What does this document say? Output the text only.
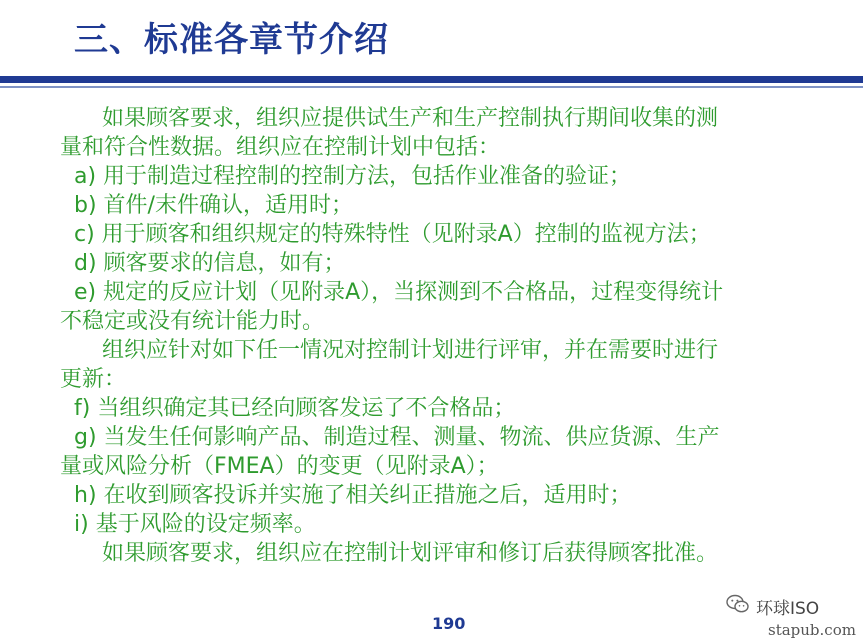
三、标准各章节介绍
如果顾客要求，组织应提供试生产和生产控制执行期间收集的测
量和符合性数据。组织应在控制计划中包括：
a) 用于制造过程控制的控制方法，包括作业准备的验证；
b) 首件/末件确认，适用时；
c) 用于顾客和组织规定的特殊特性（见附录A）控制的监视方法；
d) 顾客要求的信息，如有；
e) 规定的反应计划（见附录A），当探测到不合格品，过程变得统计
不稳定或没有统计能力时。
组织应针对如下任一情况对控制计划进行评审，并在需要时进行
更新：
f) 当组织确定其已经向顾客发运了不合格品；
g) 当发生任何影响产品、制造过程、测量、物流、供应货源、生产
量或风险分析（FMEA）的变更（见附录A）；
h) 在收到顾客投诉并实施了相关纠正措施之后，适用时；
i) 基于风险的设定频率。
如果顾客要求，组织应在控制计划评审和修订后获得顾客批准。
190
环球ISO
stapub.com
